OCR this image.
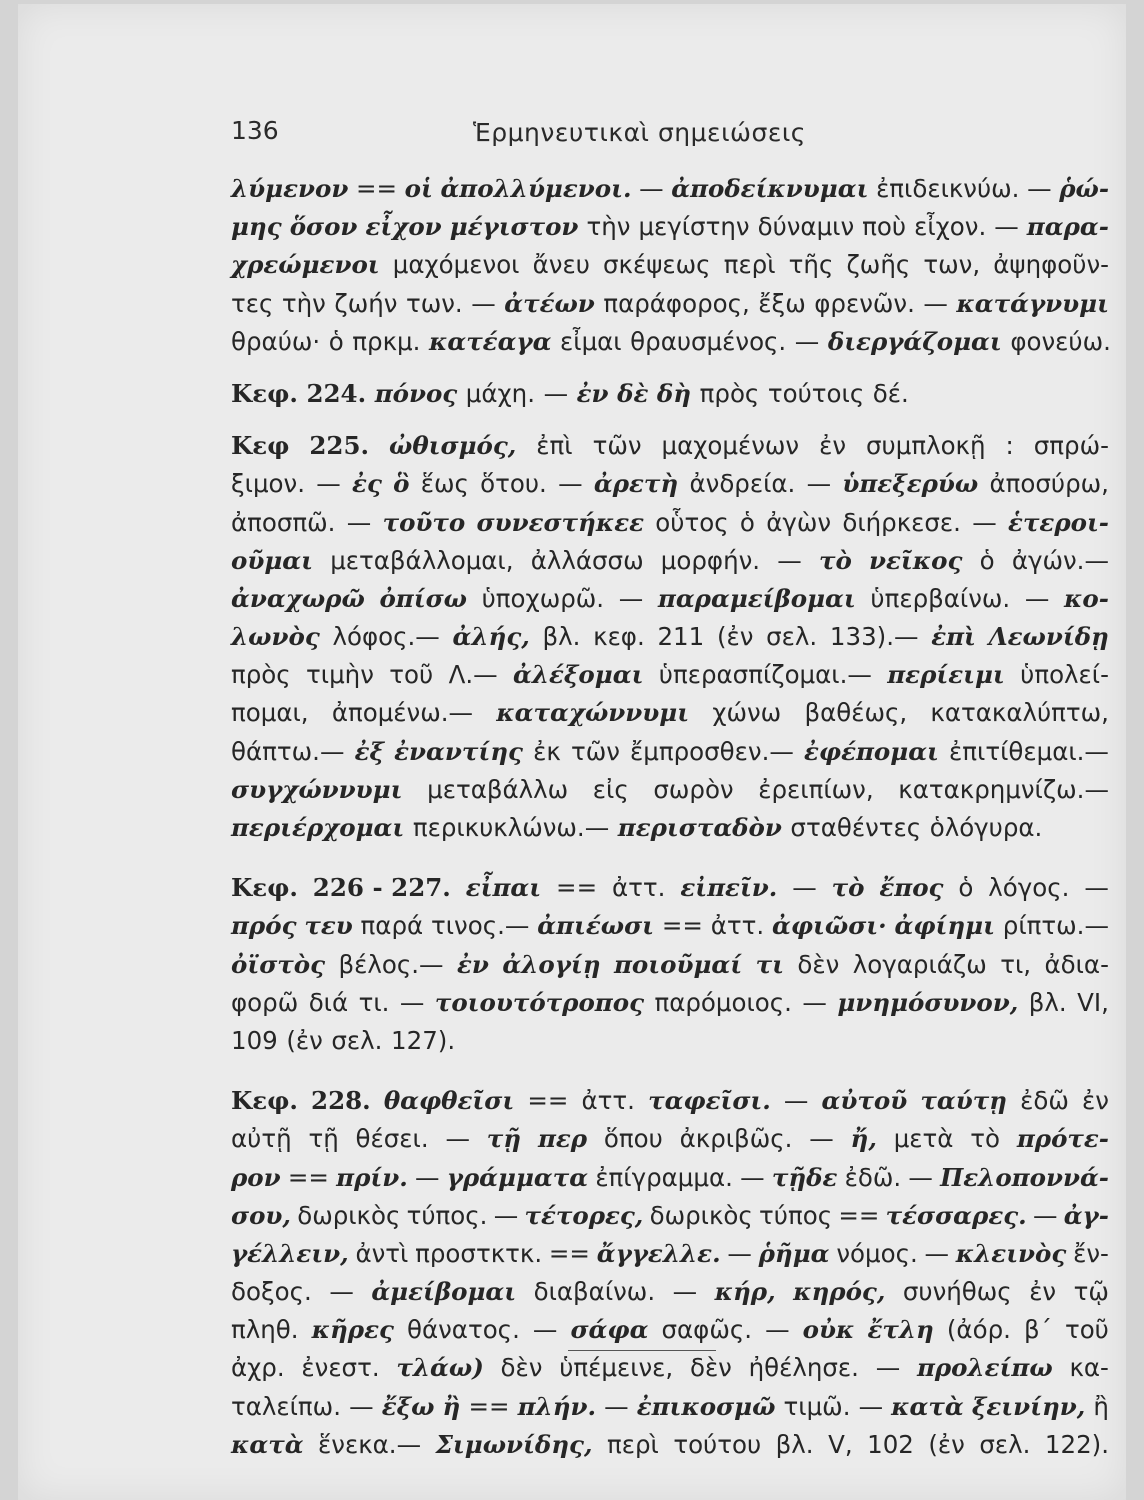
136	Ἑρμηνευτικαὶ σημειώσεις
λύμενον == οἱ ἀπολλύμενοι. — ἀποδείκνυμαι ἐπιδεικνύω. — ῥώ-
μης ὅσον εἶχον μέγιστον τὴν μεγίστην δύναμιν ποὺ εἶχον. — παρα-
χρεώμενοι μαχόμενοι ἄνευ σκέψεως περὶ τῆς ζωῆς των, ἀψηφοῦν-
τες τὴν ζωήν των. — ἀτέων παράφορος, ἔξω φρενῶν. — κατάγνυμι
θραύω· ὁ πρκμ. κατέαγα εἶμαι θραυσμένος. — διεργάζομαι φονεύω.
Κεφ. 224. πόνος μάχη. — ἐν δὲ δὴ πρὸς τούτοις δέ.
Κεφ 225. ὠθισμός, ἐπὶ τῶν μαχομένων ἐν συμπλοκῇ : σπρώ-
ξιμον. — ἐς ὃ ἕως ὅτου. — ἀρετὴ ἀνδρεία. — ὑπεξερύω ἀποσύρω,
ἀποσπῶ. — τοῦτο συνεστήκεε οὗτος ὁ ἀγὼν διήρκεσε. — ἑτεροι-
οῦμαι μεταβάλλομαι, ἀλλάσσω μορφήν. — τὸ νεῖκος ὁ ἀγών.—
ἀναχωρῶ ὀπίσω ὑποχωρῶ. — παραμείβομαι ὑπερβαίνω. — κο-
λωνὸς λόφος.— ἀλής, βλ. κεφ. 211 (ἐν σελ. 133).— ἐπὶ Λεωνίδῃ
πρὸς τιμὴν τοῦ Λ.— ἀλέξομαι ὑπερασπίζομαι.— περίειμι ὑπολεί-
πομαι, ἀπομένω.— καταχώννυμι χώνω βαθέως, κατακαλύπτω,
θάπτω.— ἐξ ἐναντίης ἐκ τῶν ἔμπροσθεν.— ἐφέπομαι ἐπιτίθεμαι.—
συγχώννυμι μεταβάλλω εἰς σωρὸν ἐρειπίων, κατακρημνίζω.—
περιέρχομαι περικυκλώνω.— περισταδὸν σταθέντες ὁλόγυρα.
Κεφ. 226 - 227. εἶπαι == ἀττ. εἰπεῖν. — τὸ ἔπος ὁ λόγος. —
πρός τευ παρά τινος.— ἀπιέωσι == ἀττ. ἀφιῶσι· ἀφίημι ρίπτω.—
ὀϊστὸς βέλος.— ἐν ἀλογίῃ ποιοῦμαί τι δὲν λογαριάζω τι, ἀδια-
φορῶ διά τι. — τοιουτότροπος παρόμοιος. — μνημόσυνον, βλ. VI,
109 (ἐν σελ. 127).
Κεφ. 228. θαφθεῖσι == ἀττ. ταφεῖσι. — αὐτοῦ ταύτῃ ἐδῶ ἐν
αὐτῇ τῇ θέσει. — τῇ περ ὅπου ἀκριβῶς. — ἤ, μετὰ τὸ πρότε-
ρον == πρίν. — γράμματα ἐπίγραμμα. — τῇδε ἐδῶ. — Πελοποννά-
σου, δωρικὸς τύπος. — τέτορες, δωρικὸς τύπος == τέσσαρες. — ἀγ-
γέλλειν, ἀντὶ προστκτκ. == ἄγγελλε. — ῥῆμα νόμος. — κλεινὸς ἔν-
δοξος. — ἀμείβομαι διαβαίνω. — κήρ, κηρός, συνήθως ἐν τῷ
πληθ. κῆρες θάνατος. — σάφα σαφῶς. — οὐκ ἔτλη (ἀόρ. β΄ τοῦ
ἀχρ. ἐνεστ. τλάω) δὲν ὑπέμεινε, δὲν ἠθέλησε. — προλείπω κα-
ταλείπω. — ἔξω ἢ == πλήν. — ἐπικοσμῶ τιμῶ. — κατὰ ξεινίην, ἢ
κατὰ ἕνεκα.— Σιμωνίδης, περὶ τούτου βλ. V, 102 (ἐν σελ. 122).
